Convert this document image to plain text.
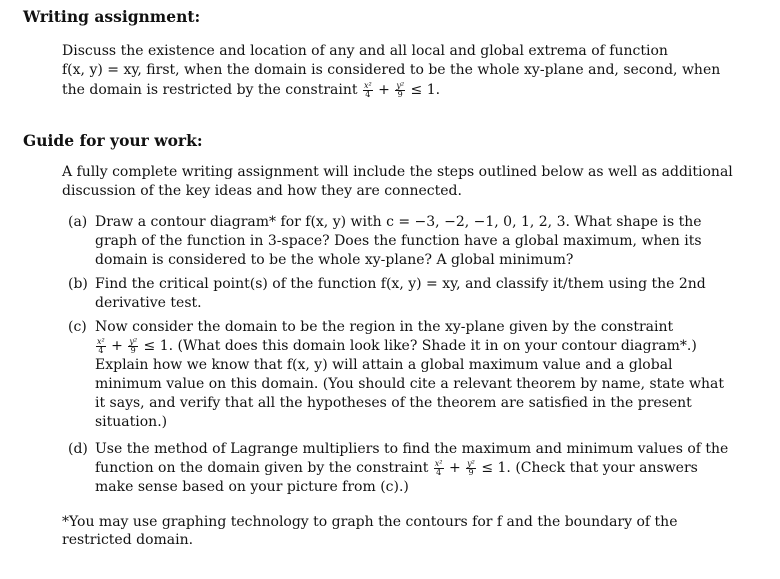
Writing assignment:
Discuss the existence and location of any and all local and global extrema of function
f(x, y) = xy, first, when the domain is considered to be the whole xy-plane and, second, when
the domain is restricted by the constraint $\frac{\text{x²}}{4} + \frac{\text{y²}}{9} \le 1$.
Guide for your work:
A fully complete writing assignment will include the steps outlined below as well as additional
discussion of the key ideas and how they are connected.
(a) Draw a contour diagram* for f(x, y) with c = −3, −2, −1, 0, 1, 2, 3. What shape is the
graph of the function in 3-space? Does the function have a global maximum, when its
domain is considered to be the whole xy-plane? A global minimum?
(b) Find the critical point(s) of the function f(x, y) = xy, and classify it/them using the 2nd
derivative test.
(c) Now consider the domain to be the region in the xy-plane given by the constraint
$\frac{\text{x²}}{4} + \frac{\text{y²}}{9} \le 1$. (What does this domain look like? Shade it in on your contour diagram*.)
Explain how we know that f(x, y) will attain a global maximum value and a global
minimum value on this domain. (You should cite a relevant theorem by name, state what
it says, and verify that all the hypotheses of the theorem are satisfied in the present
situation.)
(d) Use the method of Lagrange multipliers to find the maximum and minimum values of the
function on the domain given by the constraint $\frac{\text{x²}}{4} + \frac{\text{y²}}{9} \le 1$. (Check that your answers
make sense based on your picture from (c).)
*You may use graphing technology to graph the contours for f and the boundary of the
restricted domain.
